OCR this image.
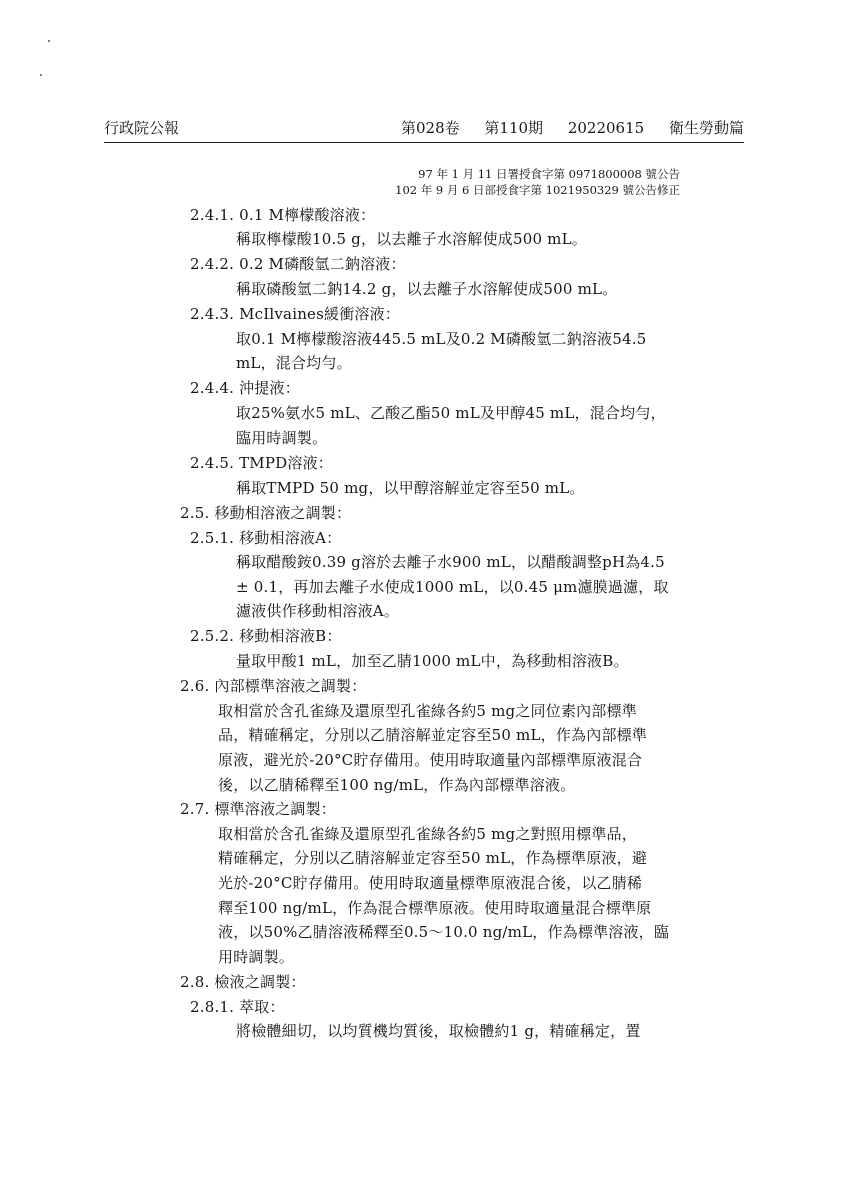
行政院公報	第028卷 第110期 20220615 衛生勞動篇
97 年 1 月 11 日署授食字第 0971800008 號公告
102 年 9 月 6 日部授食字第 1021950329 號公告修正
2.4.1. 0.1 M檸檬酸溶液：
稱取檸檬酸10.5 g，以去離子水溶解使成500 mL。
2.4.2. 0.2 M磷酸氫二鈉溶液：
稱取磷酸氫二鈉14.2 g，以去離子水溶解使成500 mL。
2.4.3. McIlvaines緩衝溶液：
取0.1 M檸檬酸溶液445.5 mL及0.2 M磷酸氫二鈉溶液54.5
mL，混合均勻。
2.4.4. 沖提液：
取25%氨水5 mL、乙酸乙酯50 mL及甲醇45 mL，混合均勻，
臨用時調製。
2.4.5. TMPD溶液：
稱取TMPD 50 mg，以甲醇溶解並定容至50 mL。
2.5. 移動相溶液之調製：
2.5.1. 移動相溶液A：
稱取醋酸銨0.39 g溶於去離子水900 mL，以醋酸調整pH為4.5
± 0.1，再加去離子水使成1000 mL，以0.45 μm濾膜過濾，取
濾液供作移動相溶液A。
2.5.2. 移動相溶液B：
量取甲酸1 mL，加至乙腈1000 mL中，為移動相溶液B。
2.6. 內部標準溶液之調製：
取相當於含孔雀綠及還原型孔雀綠各約5 mg之同位素內部標準
品，精確稱定，分別以乙腈溶解並定容至50 mL，作為內部標準
原液，避光於-20°C貯存備用。使用時取適量內部標準原液混合
後，以乙腈稀釋至100 ng/mL，作為內部標準溶液。
2.7. 標準溶液之調製：
取相當於含孔雀綠及還原型孔雀綠各約5 mg之對照用標準品，
精確稱定，分別以乙腈溶解並定容至50 mL，作為標準原液，避
光於-20°C貯存備用。使用時取適量標準原液混合後，以乙腈稀
釋至100 ng/mL，作為混合標準原液。使用時取適量混合標準原
液，以50%乙腈溶液稀釋至0.5～10.0 ng/mL，作為標準溶液，臨
用時調製。
2.8. 檢液之調製：
2.8.1. 萃取：
將檢體細切，以均質機均質後，取檢體約1 g，精確稱定，置
